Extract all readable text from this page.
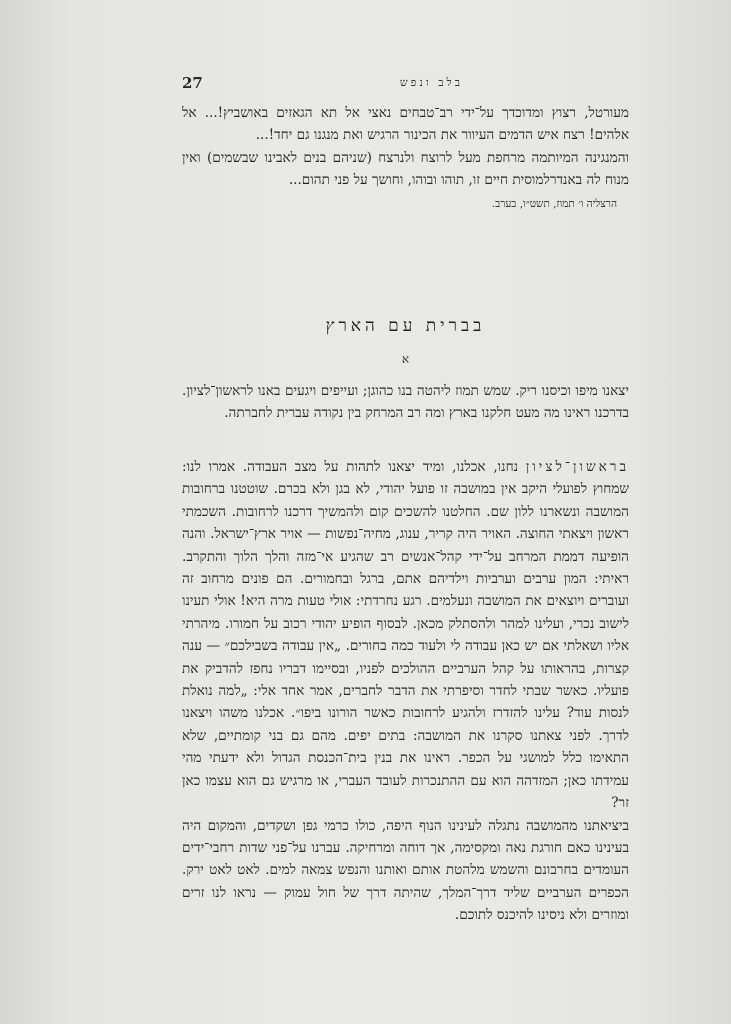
27	בלב ונפש

מעורטל, רצוץ ומדוכדך על־ידי רב־טבחים נאצי אל תא הגאזים באושביץ!... אל אלהים! רצח איש הדמים העיוור את הכינור הרגיש ואת מנגנו גם יחד!...

והמנגינה המיותמה מרחפת מעל לרוצח ולנרצח (שניהם בנים לאבינו שבשמים) ואין מנוח לה באנדרלמוסית חיים זו, תוהו ובוהו, וחושך על פני תהום...

הרצליה ו׳ תמוז, תשט״ו, בערב.
בברית עם הארץ
א

יצאנו מיפו וכיסנו ריק. שמש תמוז ליהטה בנו כהוגן; ועייפים ויגעים באנו לראשון־לציון. בדרכנו ראינו מה מעט חלקנו בארץ ומה רב המרחק בין נקודה עברית לחברתה.

בראשון־לציון נחנו, אכלנו, ומיד יצאנו לתהות על מצב העבודה. אמרו לנו: שמחוץ לפועלי היקב אין במושבה זו פועל יהודי, לא בגן ולא בכרם. שוטטנו ברחובות המושבה ונשארנו ללון שם. החלטנו להשכים קום ולהמשיך דרכנו לרחובות. השכמתי ראשון ויצאתי החוצה. האויר היה קריר, ענוג, מחיה־נפשות — אויר ארץ־ישראל. והנה הופיעה דממת המרחב על־ידי קהל־אנשים רב שהגיע אי־מזה והלך הלוך והתקרב. ראיתי: המון ערבים וערביות וילדיהם אתם, ברגל ובחמורים. הם פונים מרחוב זה ועוברים ויוצאים את המושבה ונעלמים. רגע נחרדתי: אולי טעות מרה היא! אולי תעינו לישוב נכרי, ועלינו למהר ולהסתלק מכאן. לבסוף הופיע יהודי רכוב על חמורו. מיהרתי אליו ושאלתי אם יש כאן עבודה לי ולעוד כמה בחורים. „אין עבודה בשבילכם״ — ענה קצרות, בהראותו על קהל הערביים ההולכים לפניו, ובסיימו דבריו נחפז להדביק את פועליו. כאשר שבתי לחדר וסיפרתי את הדבר לחברים, אמר אחד אלי: „למה נואלת לנסות עוד? עלינו להזדרז ולהגיע לרחובות כאשר הורונו ביפו״. אכלנו משהו ויצאנו לדרך. לפני צאתנו סקרנו את המושבה: בתים יפים. מהם גם בני קומתיים, שלא התאימו כלל למושגי על הכפר. ראינו את בנין בית־הכנסת הגדול ולא ידעתי מהי עמידתו כאן; המזדהה הוא עם ההתנכרות לעובד העברי, או מרגיש גם הוא עצמו כאן זר?

ביציאתנו מהמושבה נתגלה לעינינו הנוף היפה, כולו כרמי גפן ושקדים, והמקום היה בעינינו כאם חורגת נאה ומקסימה, אך דוחה ומרחיקה. עברנו על־פני שדות רחבי־ידים העומדים בחרבונם והשמש מלהטת אותם ואותנו והנפש צמאה למים. לאט לאט ירק. הכפרים הערביים שליד דרך־המלך, שהיתה דרך של חול עמוק — נראו לנו זרים ומוזרים ולא ניסינו להיכנס לתוכם.
